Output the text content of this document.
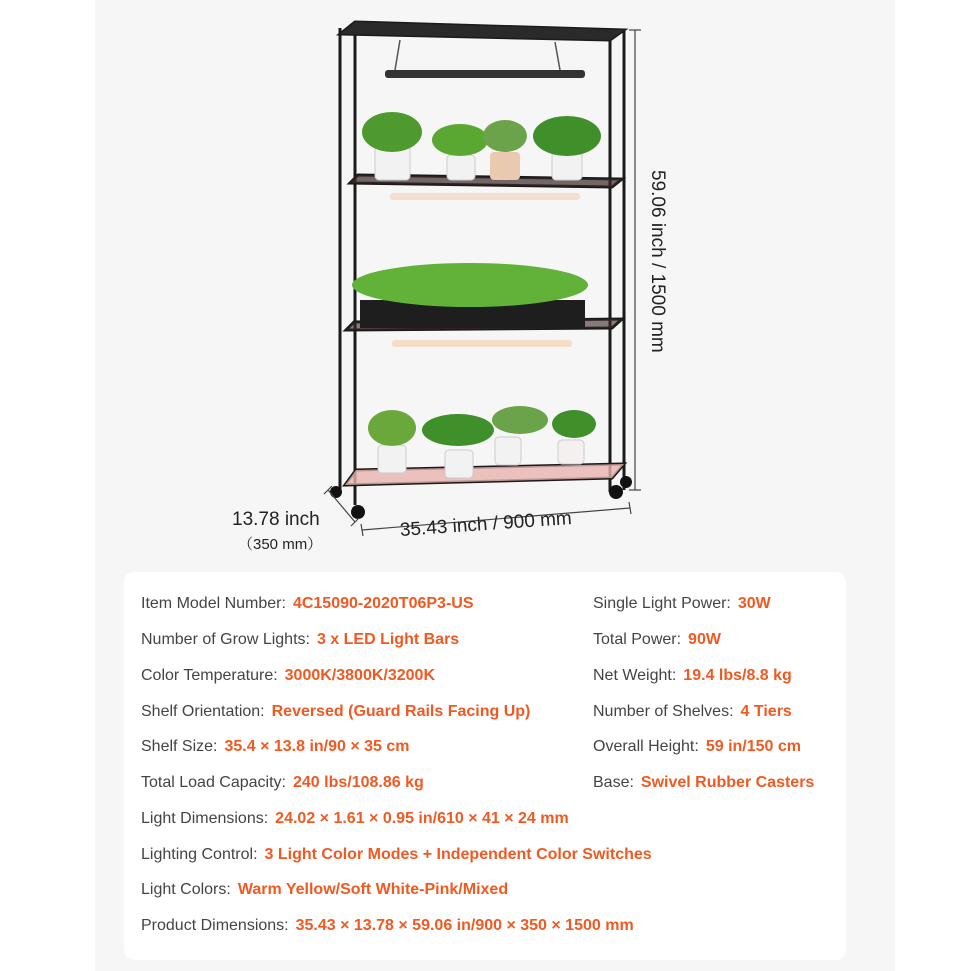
35.43 inch / 900 mm
13.78 inch
（350 mm）
59.06 inch / 1500 mm
Item Model Number: 4C15090-2020T06P3-US
Number of Grow Lights: 3 x LED Light Bars
Color Temperature: 3000K/3800K/3200K
Shelf Orientation: Reversed (Guard Rails Facing Up)
Shelf Size: 35.4 × 13.8 in/90 × 35 cm
Total Load Capacity: 240 lbs/108.86 kg
Light Dimensions: 24.02 × 1.61 × 0.95 in/610 × 41 × 24 mm
Lighting Control: 3 Light Color Modes + Independent Color Switches
Light Colors: Warm Yellow/Soft White-Pink/Mixed
Product Dimensions: 35.43 × 13.78 × 59.06 in/900 × 350 × 1500 mm
Single Light Power: 30W
Total Power: 90W
Net Weight: 19.4 lbs/8.8 kg
Number of Shelves: 4 Tiers
Overall Height: 59 in/150 cm
Base: Swivel Rubber Casters
